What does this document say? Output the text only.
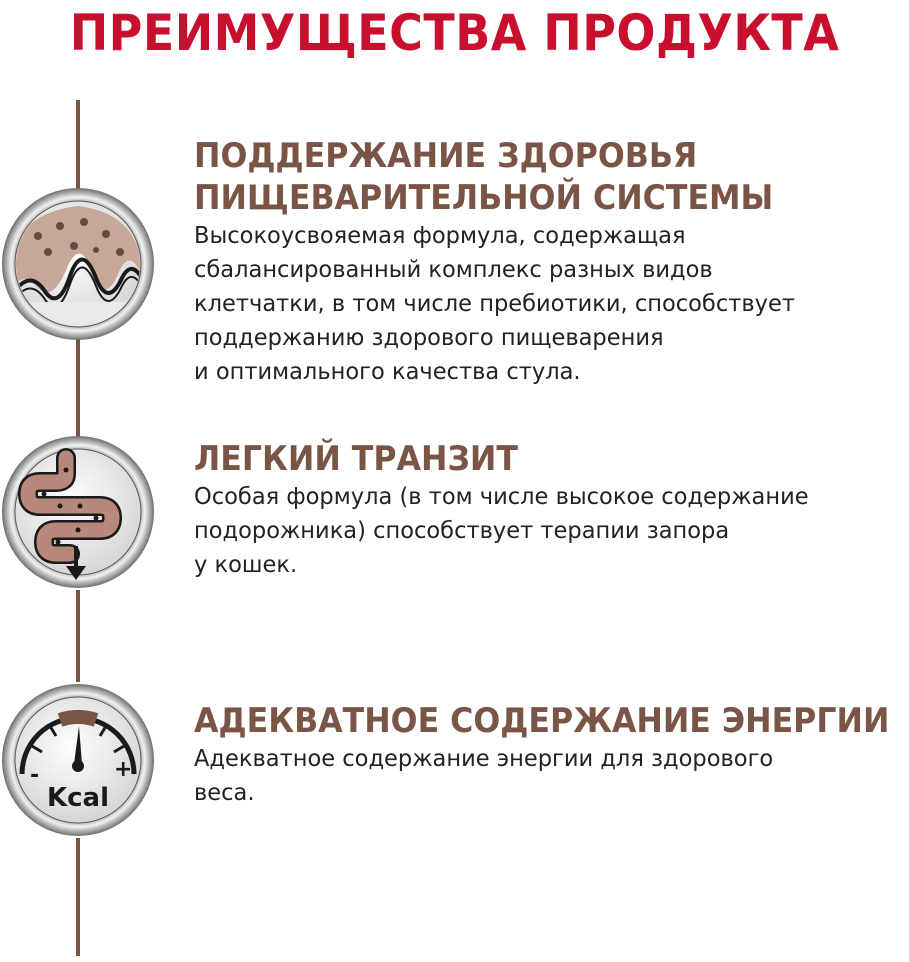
ПРЕИМУЩЕСТВА ПРОДУКТА
-	+
Kcal
ПОДДЕРЖАНИЕ ЗДОРОВЬЯ
ПИЩЕВАРИТЕЛЬНОЙ СИСТЕМЫ
Высокоусвояемая формула, содержащая
сбалансированный комплекс разных видов
клетчатки, в том числе пребиотики, способствует
поддержанию здорового пищеварения
и оптимального качества стула.
ЛЕГКИЙ ТРАНЗИТ
Особая формула (в том числе высокое содержание
подорожника) способствует терапии запора
у кошек.
АДЕКВАТНОЕ СОДЕРЖАНИЕ ЭНЕРГИИ
Адекватное содержание энергии для здорового
веса.
